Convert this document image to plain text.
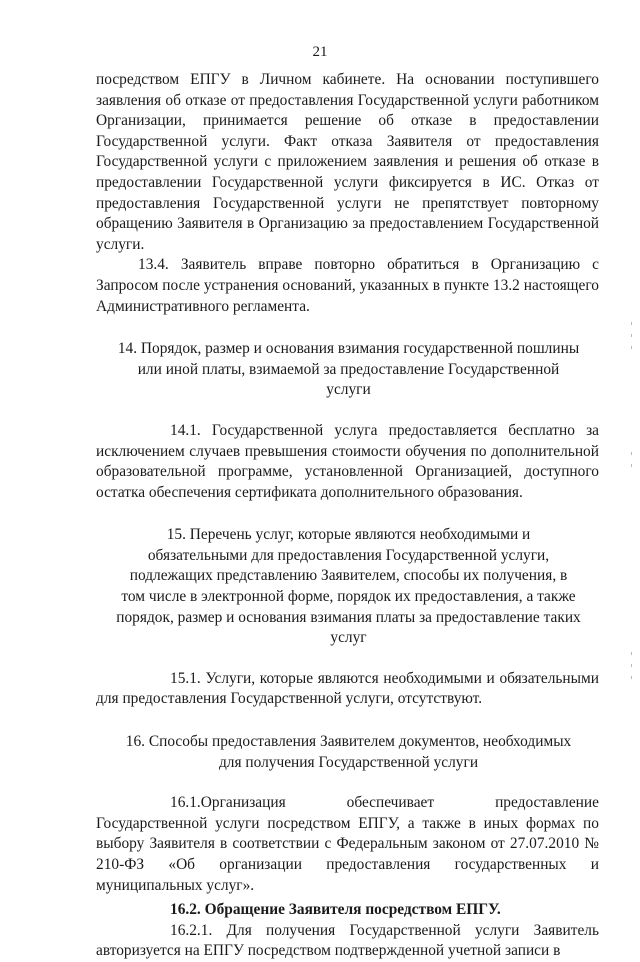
21

посредством ЕПГУ в Личном кабинете. На основании поступившего заявления об отказе от предоставления Государственной услуги работником Организации, принимается решение об отказе в предоставлении Государственной услуги. Факт отказа Заявителя от предоставления Государственной услуги с приложением заявления и решения об отказе в предоставлении Государственной услуги фиксируется в ИС. Отказ от предоставления Государственной услуги не препятствует повторному обращению Заявителя в Организацию за предоставлением Государственной услуги.

13.4. Заявитель вправе повторно обратиться в Организацию с Запросом после устранения оснований, указанных в пункте 13.2 настоящего Административного регламента.

14. Порядок, размер и основания взимания государственной пошлины или иной платы, взимаемой за предоставление Государственной услуги

14.1. Государственной услуга предоставляется бесплатно за исключением случаев превышения стоимости обучения по дополнительной образовательной программе, установленной Организацией, доступного остатка обеспечения сертификата дополнительного образования.

15. Перечень услуг, которые являются необходимыми и обязательными для предоставления Государственной услуги, подлежащих представлению Заявителем, способы их получения, в том числе в электронной форме, порядок их предоставления, а также порядок, размер и основания взимания платы за предоставление таких услуг

15.1. Услуги, которые являются необходимыми и обязательными для предоставления Государственной услуги, отсутствуют.

16. Способы предоставления Заявителем документов, необходимых для получения Государственной услуги

16.1.Организация обеспечивает предоставление Государственной услуги посредством ЕПГУ, а также в иных формах по выбору Заявителя в соответствии с Федеральным законом от 27.07.2010 № 210-ФЗ «Об организации предоставления государственных и муниципальных услуг».

16.2. Обращение Заявителя посредством ЕПГУ.

16.2.1. Для получения Государственной услуги Заявитель авторизуется на ЕПГУ посредством подтвержденной учетной записи в
